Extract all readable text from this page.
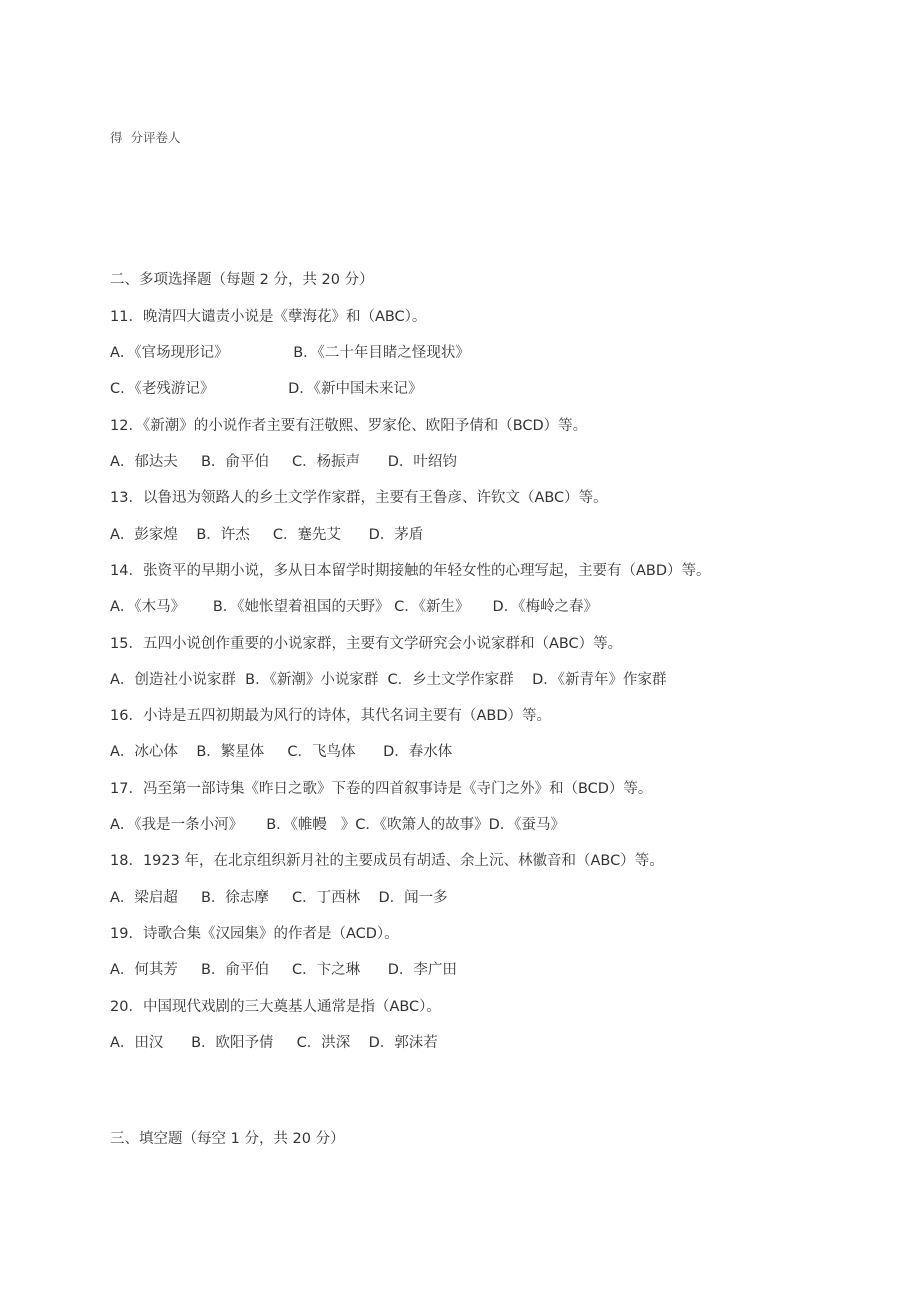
得  分评卷人
二、多项选择题（每题 2 分，共 20 分）
11．晚清四大谴责小说是《孽海花》和（ABC）。
A．《官场现形记》              B．《二十年目睹之怪现状》
C．《老残游记》                D．《新中国未来记》
12．《新潮》的小说作者主要有汪敬熙、罗家伦、欧阳予倩和（BCD）等。
A．郁达夫     B．俞平伯     C．杨振声      D．叶绍钧
13．以鲁迅为领路人的乡土文学作家群，主要有王鲁彦、许钦文（ABC）等。
A．彭家煌    B．许杰     C．蹇先艾      D．茅盾
14．张资平的早期小说，多从日本留学时期接触的年轻女性的心理写起，主要有（ABD）等。
A．《木马》      B．《她怅望着祖国的天野》 C．《新生》     D．《梅岭之春》
15．五四小说创作重要的小说家群，主要有文学研究会小说家群和（ABC）等。
A．创造社小说家群  B．《新潮》小说家群  C．乡土文学作家群    D．《新青年》作家群
16．小诗是五四初期最为风行的诗体，其代名词主要有（ABD）等。
A．冰心体    B．繁星体     C．飞鸟体      D．春水体
17．冯至第一部诗集《昨日之歌》下卷的四首叙事诗是《寺门之外》和（BCD）等。
A．《我是一条小河》     B．《帷幔   》C．《吹箫人的故事》D．《蚕马》
18．1923 年，在北京组织新月社的主要成员有胡适、余上沅、林徽音和（ABC）等。
A．梁启超     B．徐志摩     C．丁西林    D．闻一多
19．诗歌合集《汉园集》的作者是（ACD）。
A．何其芳     B．俞平伯     C．卞之琳      D．李广田
20．中国现代戏剧的三大奠基人通常是指（ABC）。
A．田汉      B．欧阳予倩     C．洪深    D．郭沫若
三、填空题（每空 1 分，共 20 分）
